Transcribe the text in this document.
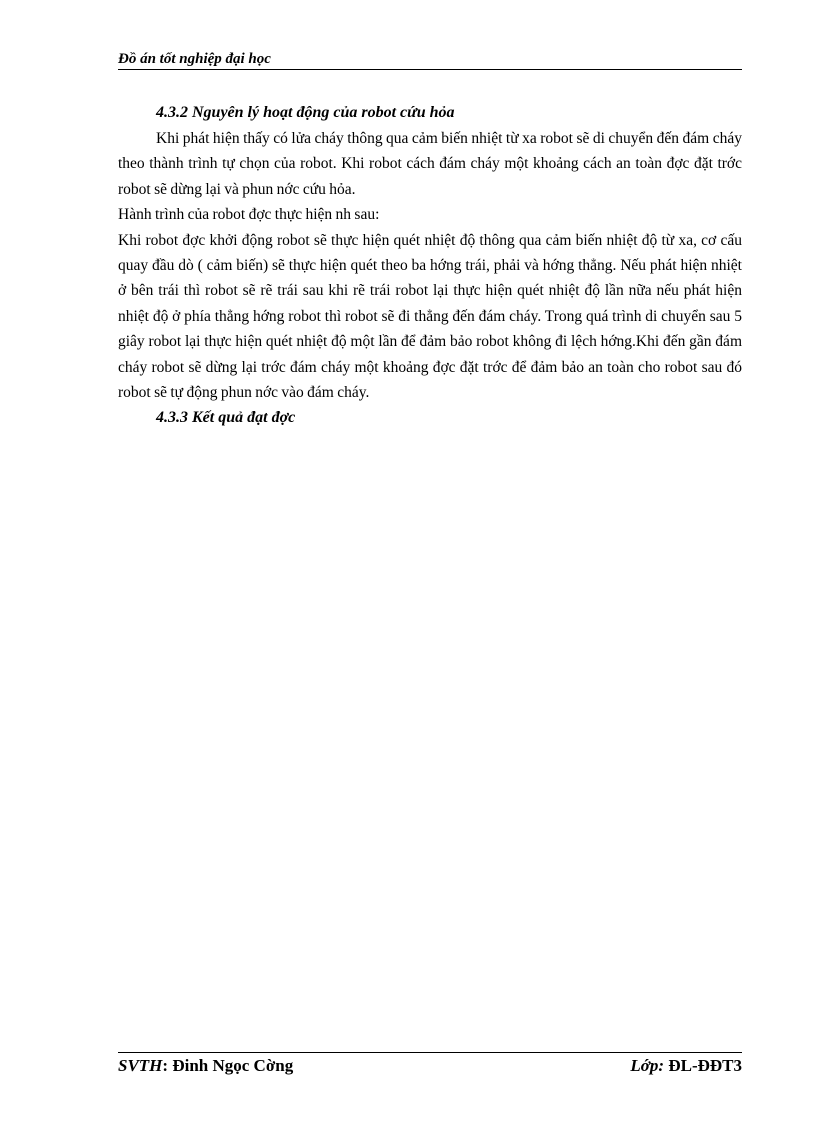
Đồ án tốt nghiệp đại học
4.3.2 Nguyên lý hoạt động của robot cứu hỏa

Khi phát hiện thấy có lửa cháy thông qua cảm biến nhiệt từ xa robot sẽ di chuyển đến đám cháy theo thành trình tự chọn của robot. Khi robot cách đám cháy một khoảng cách an toàn đợc đặt trớc robot sẽ dừng lại và phun nớc cứu hỏa.

Hành trình của robot đợc thực hiện nh sau:

Khi robot đợc khởi động robot sẽ thực hiện quét nhiệt độ thông qua cảm biến nhiệt độ từ xa, cơ cấu quay đầu dò ( cảm biến) sẽ thực hiện quét theo ba hớng trái, phải và hớng thẳng. Nếu phát hiện nhiệt ở bên trái thì robot sẽ rẽ trái sau khi rẽ trái robot lại thực hiện quét nhiệt độ lần nữa nếu phát hiện nhiệt độ ở phía thẳng hớng robot thì robot sẽ đi thẳng đến đám cháy. Trong quá trình di chuyển sau 5 giây robot lại thực hiện quét nhiệt độ một lần để đảm bảo robot không đi lệch hớng.Khi đến gần đám cháy robot sẽ dừng lại trớc đám cháy một khoảng đợc đặt trớc để đảm bảo an toàn cho robot sau đó robot sẽ tự động phun nớc vào đám cháy.

4.3.3 Kết quả đạt đợc
SVTH: Đinh Ngọc Cờng	Lớp: ĐL-ĐĐT3
